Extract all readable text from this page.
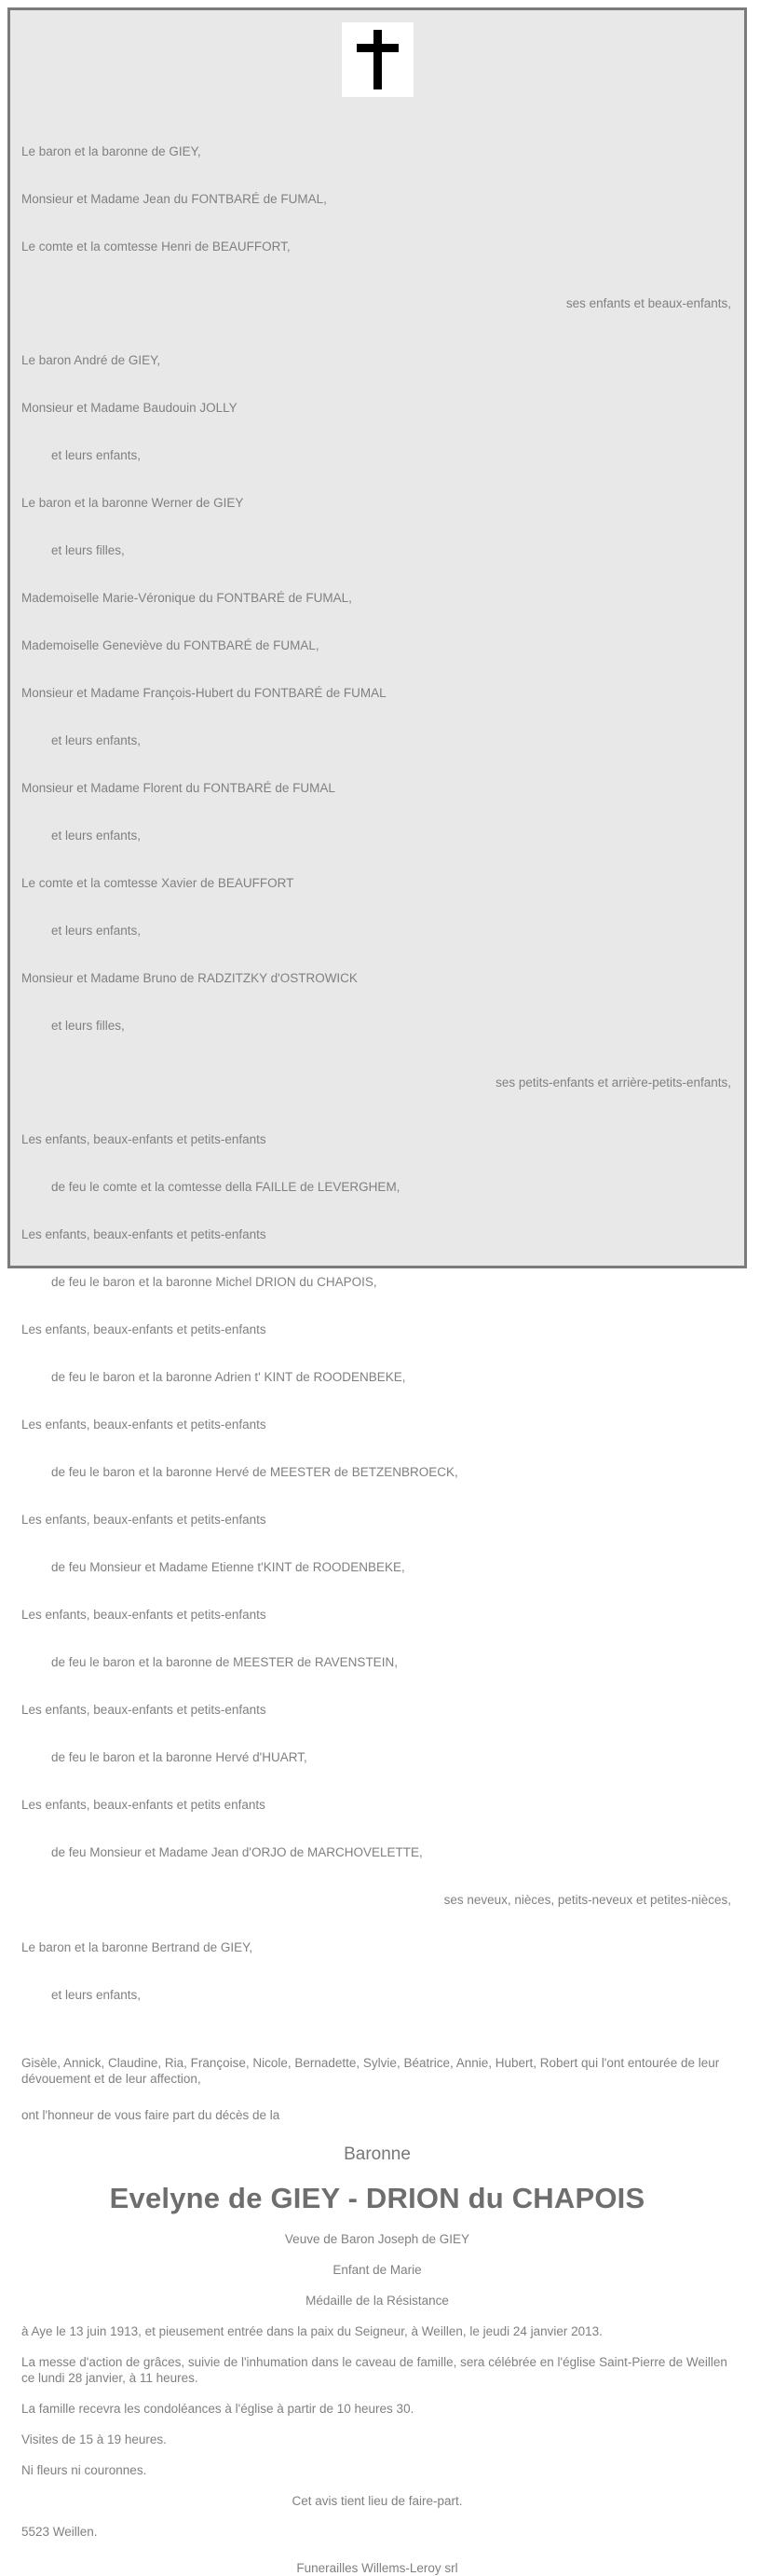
Le baron et la baronne de GIEY,

Monsieur et Madame Jean du FONTBARÉ de FUMAL,

Le comte et la comtesse Henri de BEAUFFORT,

ses enfants et beaux-enfants,

Le baron André de GIEY,

Monsieur et Madame Baudouin JOLLY

et leurs enfants,

Le baron et la baronne Werner de GIEY

et leurs filles,

Mademoiselle Marie-Véronique du FONTBARÉ de FUMAL,

Mademoiselle Geneviève du FONTBARÉ de FUMAL,

Monsieur et Madame François-Hubert du FONTBARÉ de FUMAL

et leurs enfants,

Monsieur et Madame Florent du FONTBARÉ de FUMAL

et leurs enfants,

Le comte et la comtesse Xavier de BEAUFFORT

et leurs enfants,

Monsieur et Madame Bruno de RADZITZKY d'OSTROWICK

et leurs filles,

ses petits-enfants et arrière-petits-enfants,

Les enfants, beaux-enfants et petits-enfants

de feu le comte et la comtesse della FAILLE de LEVERGHEM,

Les enfants, beaux-enfants et petits-enfants

de feu le baron et la baronne Michel DRION du CHAPOIS,

Les enfants, beaux-enfants et petits-enfants

de feu le baron et la baronne Adrien t' KINT de ROODENBEKE,

Les enfants, beaux-enfants et petits-enfants

de feu le baron et la baronne Hervé de MEESTER de BETZENBROECK,

Les enfants, beaux-enfants et petits-enfants

de feu Monsieur et Madame Etienne t'KINT de ROODENBEKE,

Les enfants, beaux-enfants et petits-enfants

de feu le baron et la baronne de MEESTER de RAVENSTEIN,

Les enfants, beaux-enfants et petits-enfants

de feu le baron et la baronne Hervé d'HUART,

Les enfants, beaux-enfants et petits enfants

de feu Monsieur et Madame Jean d'ORJO de MARCHOVELETTE,

ses neveux, nièces, petits-neveux et petites-nièces,

Le baron et la baronne Bertrand de GIEY,

et leurs enfants,

Gisèle, Annick, Claudine, Ria, Françoise, Nicole, Bernadette, Sylvie, Béatrice, Annie, Hubert, Robert qui l'ont entourée de leur dévouement et de leur affection,
ont l'honneur de vous faire part du décès de la
Baronne
Evelyne de GIEY - DRION du CHAPOIS
Veuve de Baron Joseph de GIEY
Enfant de Marie
Médaille de la Résistance
à Aye le 13 juin 1913, et pieusement entrée dans la paix du Seigneur, à Weillen, le jeudi 24 janvier 2013.
La messe d'action de grâces, suivie de l'inhumation dans le caveau de famille, sera célébrée en l'église Saint-Pierre de Weillen ce lundi 28 janvier, à 11 heures.
La famille recevra les condoléances à l'église à partir de 10 heures 30.
Visites de 15 à 19 heures.
Ni fleurs ni couronnes.
Cet avis tient lieu de faire-part.
5523 Weillen.
Funerailles Willems-Leroy srl
